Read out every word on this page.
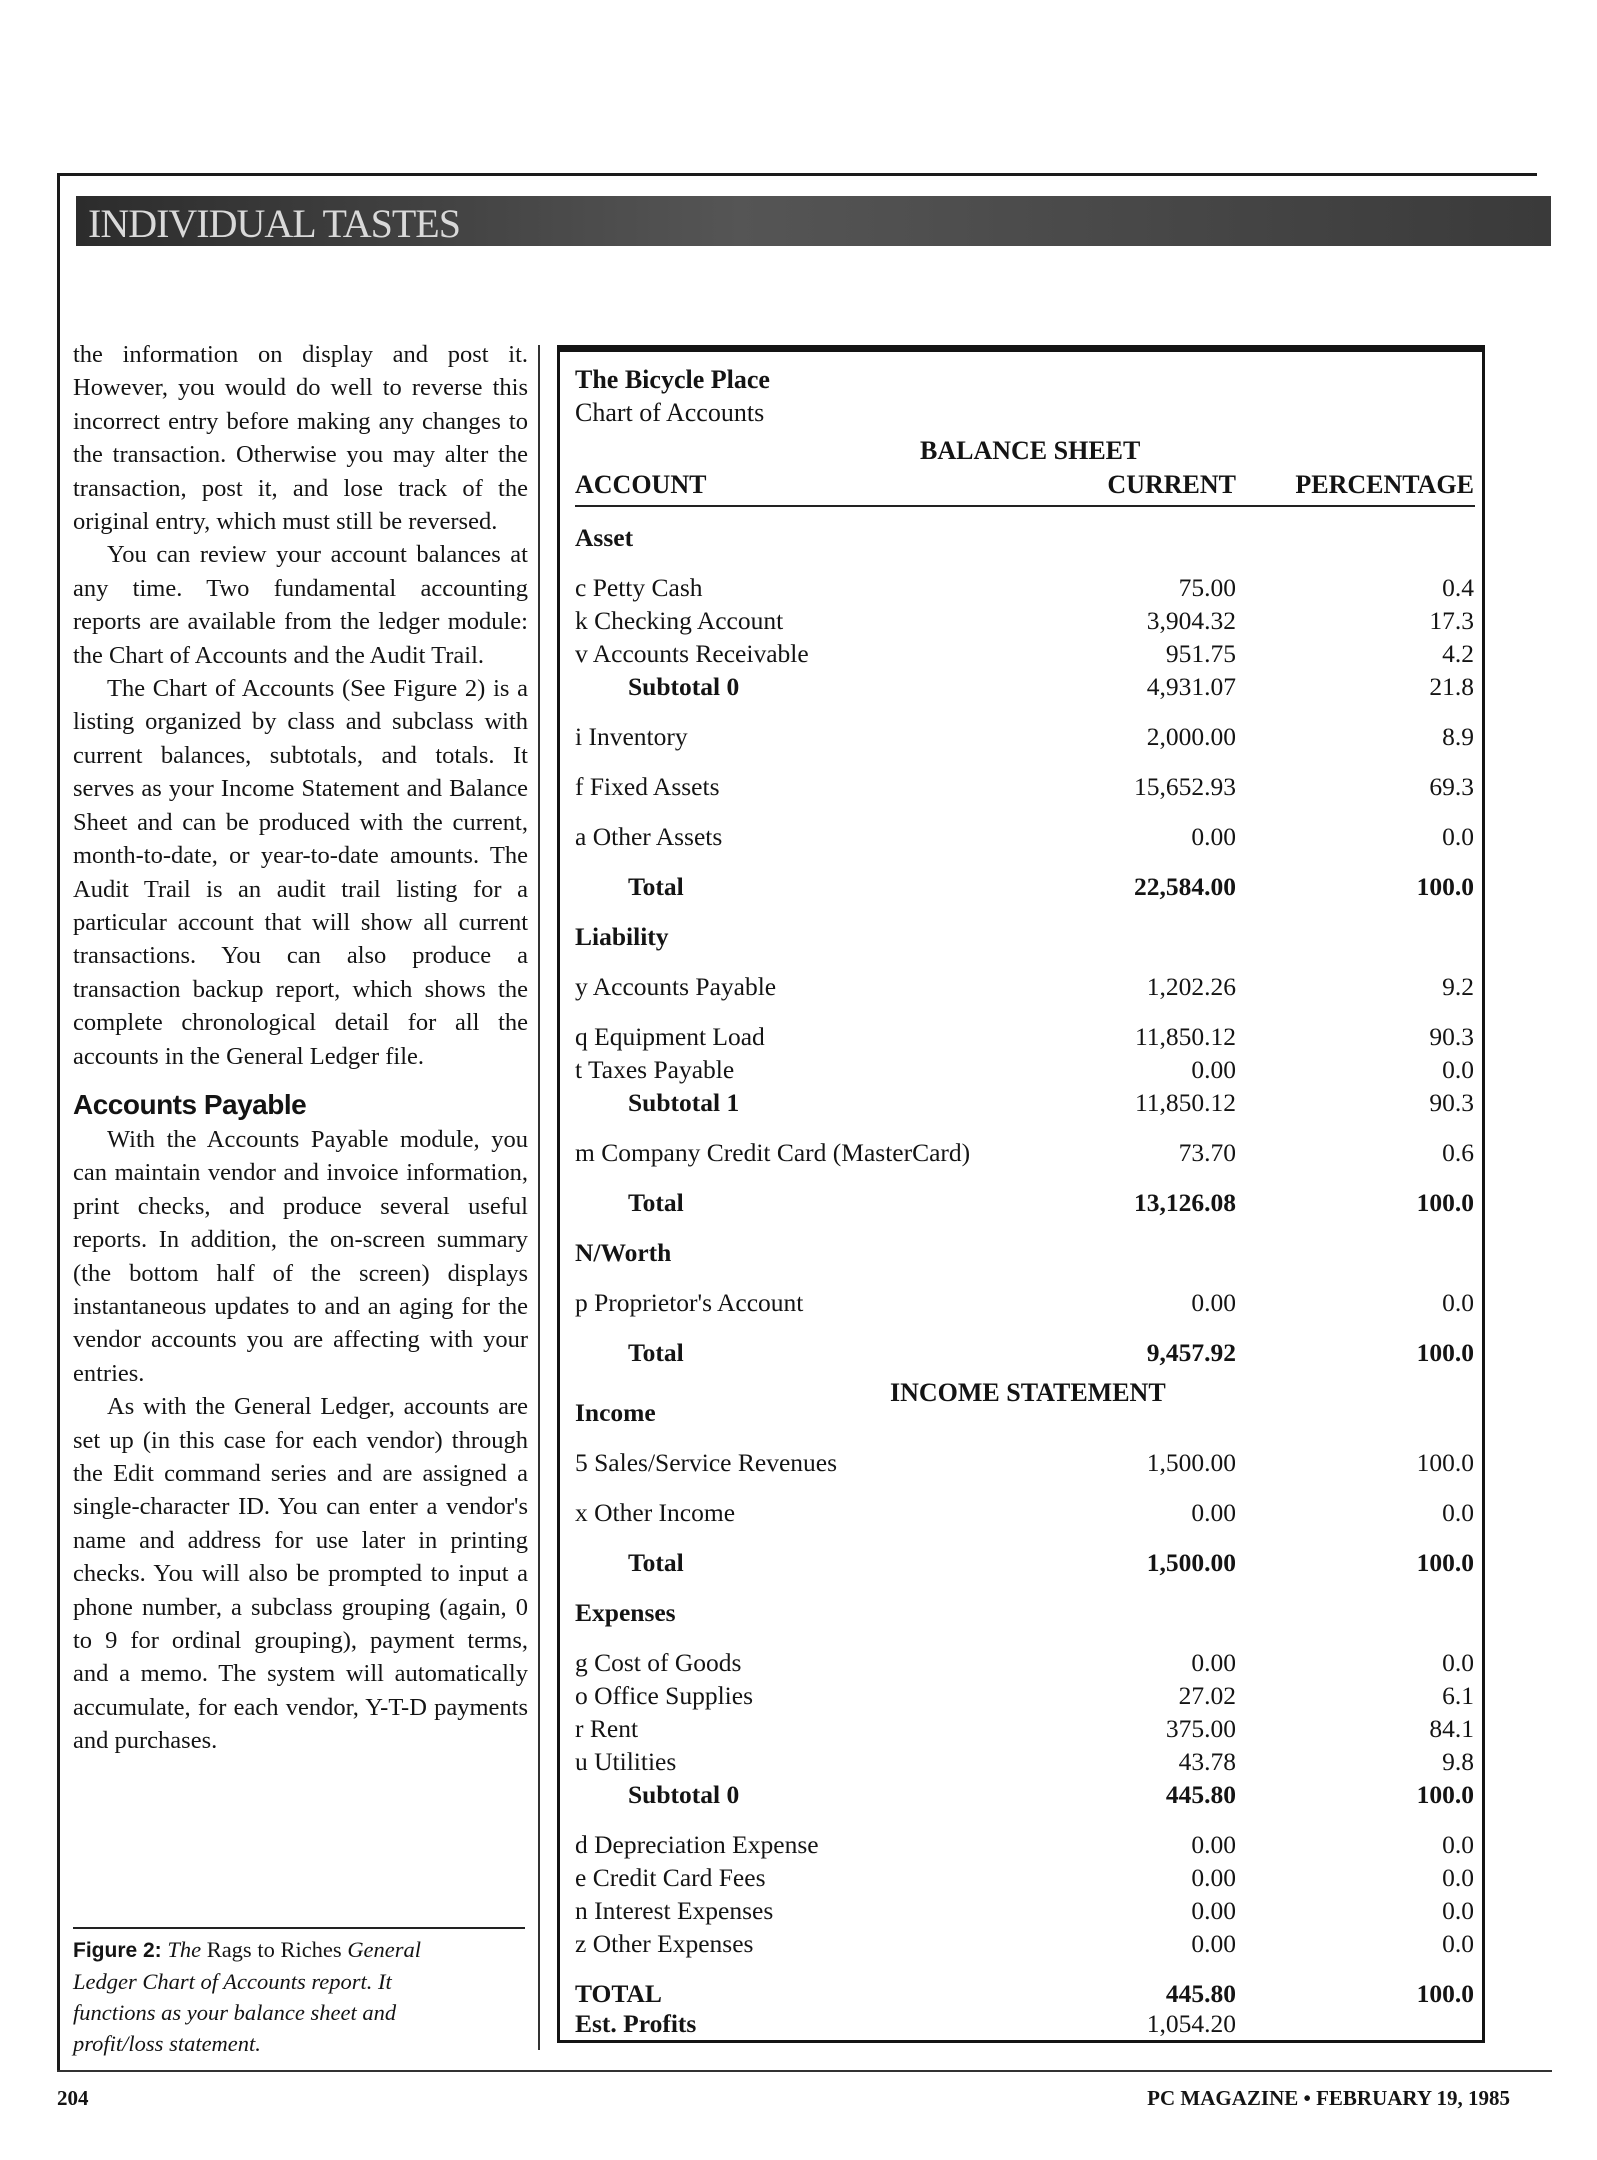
INDIVIDUAL TASTES

the information on display and post it. However, you would do well to reverse this incorrect entry before making any changes to the transaction. Otherwise you may alter the transaction, post it, and lose track of the original entry, which must still be reversed.

You can review your account balances at any time. Two fundamental accounting reports are available from the ledger module: the Chart of Accounts and the Audit Trail.

The Chart of Accounts (See Figure 2) is a listing organized by class and subclass with current balances, subtotals, and totals. It serves as your Income Statement and Balance Sheet and can be produced with the current, month-to-date, or year-to-date amounts. The Audit Trail is an audit trail listing for a particular account that will show all current transactions. You can also produce a transaction backup report, which shows the complete chronological detail for all the accounts in the General Ledger file.

Accounts Payable

With the Accounts Payable module, you can maintain vendor and invoice information, print checks, and produce several useful reports. In addition, the on-screen summary (the bottom half of the screen) displays instantaneous updates to and an aging for the vendor accounts you are affecting with your entries.

As with the General Ledger, accounts are set up (in this case for each vendor) through the Edit command series and are assigned a single-character ID. You can enter a vendor's name and address for use later in printing checks. You will also be prompted to input a phone number, a subclass grouping (again, 0 to 9 for ordinal grouping), payment terms, and a memo. The system will automatically accumulate, for each vendor, Y-T-D payments and purchases.

Figure 2: The Rags to Riches General Ledger Chart of Accounts report. It functions as your balance sheet and profit/loss statement.
The Bicycle Place
Chart of Accounts
BALANCE SHEET
ACCOUNT	CURRENT PERCENTAGE
Asset
c Petty Cash	75.00	0.4
k Checking Account	3,904.32	17.3
v Accounts Receivable	951.75	4.2
Subtotal 0	4,931.07	21.8
i Inventory	2,000.00	8.9
f Fixed Assets	15,652.93	69.3
a Other Assets	0.00	0.0
Total	22,584.00	100.0
Liability
y Accounts Payable	1,202.26	9.2
q Equipment Load	11,850.12	90.3
t Taxes Payable	0.00	0.0
Subtotal 1	11,850.12	90.3
m Company Credit Card (MasterCard)	73.70	0.6
Total	13,126.08	100.0
N/Worth
p Proprietor's Account	0.00	0.0
Total	9,457.92	100.0
INCOME STATEMENT
Income
5 Sales/Service Revenues	1,500.00	100.0
x Other Income	0.00	0.0
Total	1,500.00	100.0
Expenses
g Cost of Goods	0.00	0.0
o Office Supplies	27.02	6.1
r Rent	375.00	84.1
u Utilities	43.78	9.8
Subtotal 0	445.80	100.0
d Depreciation Expense	0.00	0.0
e Credit Card Fees	0.00	0.0
n Interest Expenses	0.00	0.0
z Other Expenses	0.00	0.0
TOTAL	445.80	100.0
Est. Profits	1,054.20
204	PC MAGAZINE • FEBRUARY 19, 1985
